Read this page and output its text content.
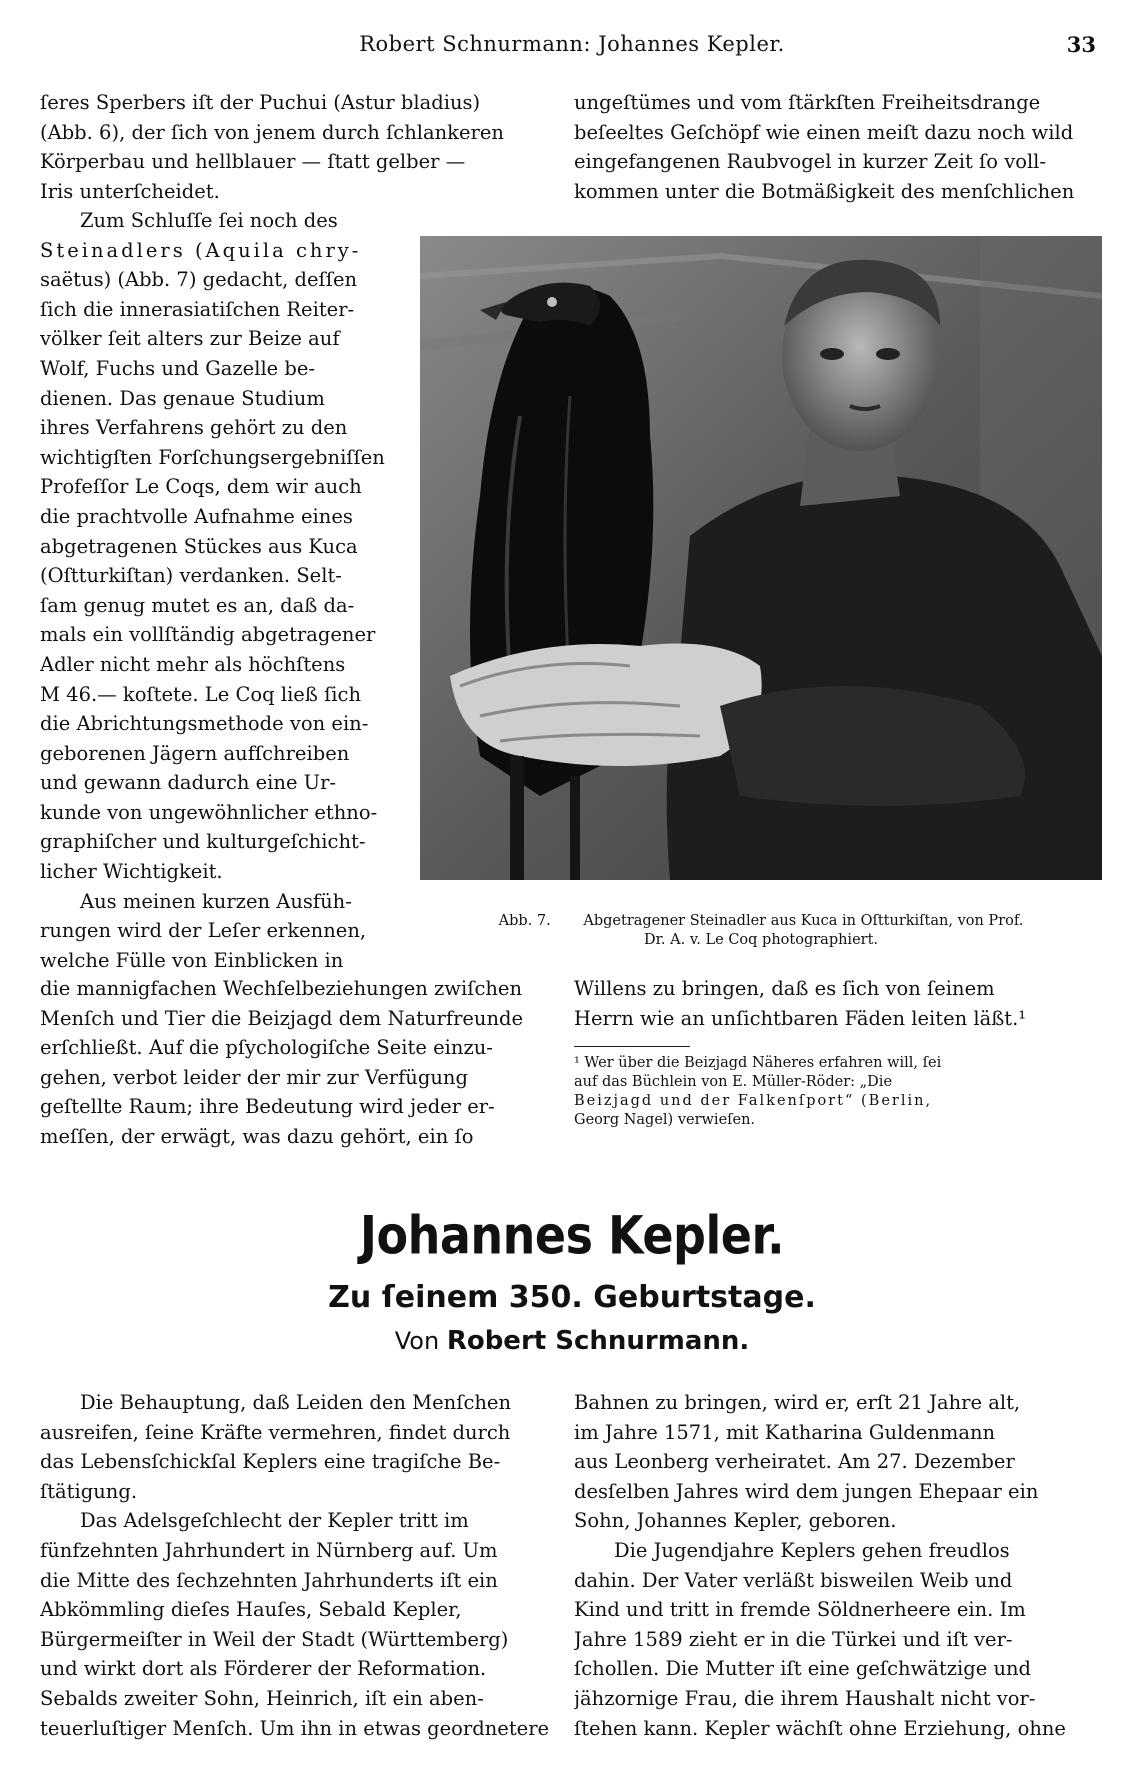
Robert Schnurmann: Johannes Kepler.	33
ſeres Sperbers iſt der Puchui (Astur bladius)
(Abb. 6), der ſich von jenem durch ſchlankeren
Körperbau und hellblauer — ſtatt gelber —
Iris unterſcheidet.
Zum Schluſſe ſei noch des
Steinadlers (Aquila chry-
saëtus) (Abb. 7) gedacht, deſſen
ſich die innerasiatiſchen Reiter-
völker ſeit alters zur Beize auf
Wolf, Fuchs und Gazelle be-
dienen. Das genaue Studium
ihres Verfahrens gehört zu den
wichtigſten Forſchungsergebniſſen
Profeſſor Le Coqs, dem wir auch
die prachtvolle Aufnahme eines
abgetragenen Stückes aus Kuca
(Oſtturkiſtan) verdanken. Selt-
ſam genug mutet es an, daß da-
mals ein vollſtändig abgetragener
Adler nicht mehr als höchſtens
M 46.— koſtete. Le Coq ließ ſich
die Abrichtungsmethode von ein-
geborenen Jägern aufſchreiben
und gewann dadurch eine Ur-
kunde von ungewöhnlicher ethno-
graphiſcher und kulturgeſchicht-
licher Wichtigkeit.
Aus meinen kurzen Ausfüh-
rungen wird der Leſer erkennen,
welche Fülle von Einblicken in
die mannigfachen Wechſelbeziehungen zwiſchen
Menſch und Tier die Beizjagd dem Naturfreunde
erſchließt. Auf die pſychologiſche Seite einzu-
gehen, verbot leider der mir zur Verfügung
geſtellte Raum; ihre Bedeutung wird jeder er-
meſſen, der erwägt, was dazu gehört, ein ſo
ungeſtümes und vom ſtärkſten Freiheitsdrange
beſeeltes Geſchöpf wie einen meiſt dazu noch wild
eingefangenen Raubvogel in kurzer Zeit ſo voll-
kommen unter die Botmäßigkeit des menſchlichen
Abb. 7. Abgetragener Steinadler aus Kuca in Oſtturkiſtan, von Prof.
Dr. A. v. Le Coq photographiert.
Willens zu bringen, daß es ſich von ſeinem
Herrn wie an unſichtbaren Fäden leiten läßt.¹
¹ Wer über die Beizjagd Näheres erfahren will, ſei
auf das Büchlein von E. Müller-Röder: „Die
Beizjagd und der Falkenſport“ (Berlin,
Georg Nagel) verwieſen.
Johannes Kepler.
Zu ſeinem 350. Geburtstage.
Von Robert Schnurmann.
Die Behauptung, daß Leiden den Menſchen
ausreifen, ſeine Kräfte vermehren, findet durch
das Lebensſchickſal Keplers eine tragiſche Be-
ſtätigung.
Das Adelsgeſchlecht der Kepler tritt im
fünfzehnten Jahrhundert in Nürnberg auf. Um
die Mitte des ſechzehnten Jahrhunderts iſt ein
Abkömmling dieſes Hauſes, Sebald Kepler,
Bürgermeiſter in Weil der Stadt (Württemberg)
und wirkt dort als Förderer der Reformation.
Sebalds zweiter Sohn, Heinrich, iſt ein aben-
teuerluſtiger Menſch. Um ihn in etwas geordnetere
Bahnen zu bringen, wird er, erſt 21 Jahre alt,
im Jahre 1571, mit Katharina Guldenmann
aus Leonberg verheiratet. Am 27. Dezember
desſelben Jahres wird dem jungen Ehepaar ein
Sohn, Johannes Kepler, geboren.
Die Jugendjahre Keplers gehen freudlos
dahin. Der Vater verläßt bisweilen Weib und
Kind und tritt in fremde Söldnerheere ein. Im
Jahre 1589 zieht er in die Türkei und iſt ver-
ſchollen. Die Mutter iſt eine geſchwätzige und
jähzornige Frau, die ihrem Haushalt nicht vor-
ſtehen kann. Kepler wächſt ohne Erziehung, ohne
